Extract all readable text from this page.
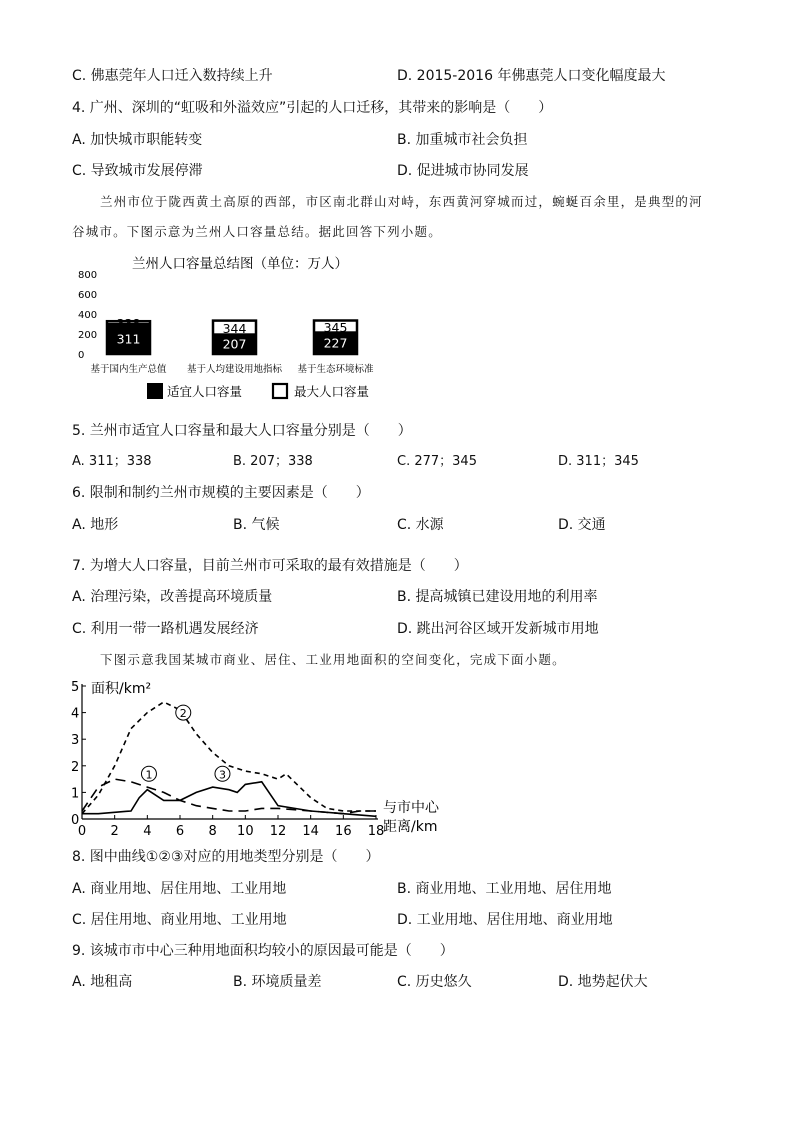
C. 佛惠莞年人口迁入数持续上升	D. 2015-2016 年佛惠莞人口变化幅度最大
4. 广州、深圳的“虹吸和外溢效应”引起的人口迁移，其带来的影响是（　　）
A. 加快城市职能转变	B. 加重城市社会负担
C. 导致城市发展停滞	D. 促进城市协同发展
兰州市位于陇西黄土高原的西部，市区南北群山对峙，东西黄河穿城而过，蜿蜒百余里，是典型的河
谷城市。下图示意为兰州人口容量总结。据此回答下列小题。
兰州人口容量总结图（单位：万人）
800
600
400
200
0
338
311
基于国内生产总值
344
207
基于人均建设用地指标
345
227
基于生态环境标准
适宜人口容量	最大人口容量
5. 兰州市适宜人口容量和最大人口容量分别是（　　）
A. 311；338	B. 207；338	C. 277；345	D. 311；345
6. 限制和制约兰州市规模的主要因素是（　　）
A. 地形	B. 气候	C. 水源	D. 交通
7. 为增大人口容量，目前兰州市可采取的最有效措施是（　　）
A. 治理污染，改善提高环境质量	B. 提高城镇已建设用地的利用率
C. 利用一带一路机遇发展经济	D. 跳出河谷区域开发新城市用地
下图示意我国某城市商业、居住、工业用地面积的空间变化，完成下面小题。
5
4
3
2
1
0
0 2 4 6 8 10 12 14 16 18
面积/km²
与市中心
距离/km
1
2
3
8. 图中曲线①②③对应的用地类型分别是（　　）
A. 商业用地、居住用地、工业用地	B. 商业用地、工业用地、居住用地
C. 居住用地、商业用地、工业用地	D. 工业用地、居住用地、商业用地
9. 该城市市中心三种用地面积均较小的原因最可能是（　　）
A. 地租高	B. 环境质量差	C. 历史悠久	D. 地势起伏大
